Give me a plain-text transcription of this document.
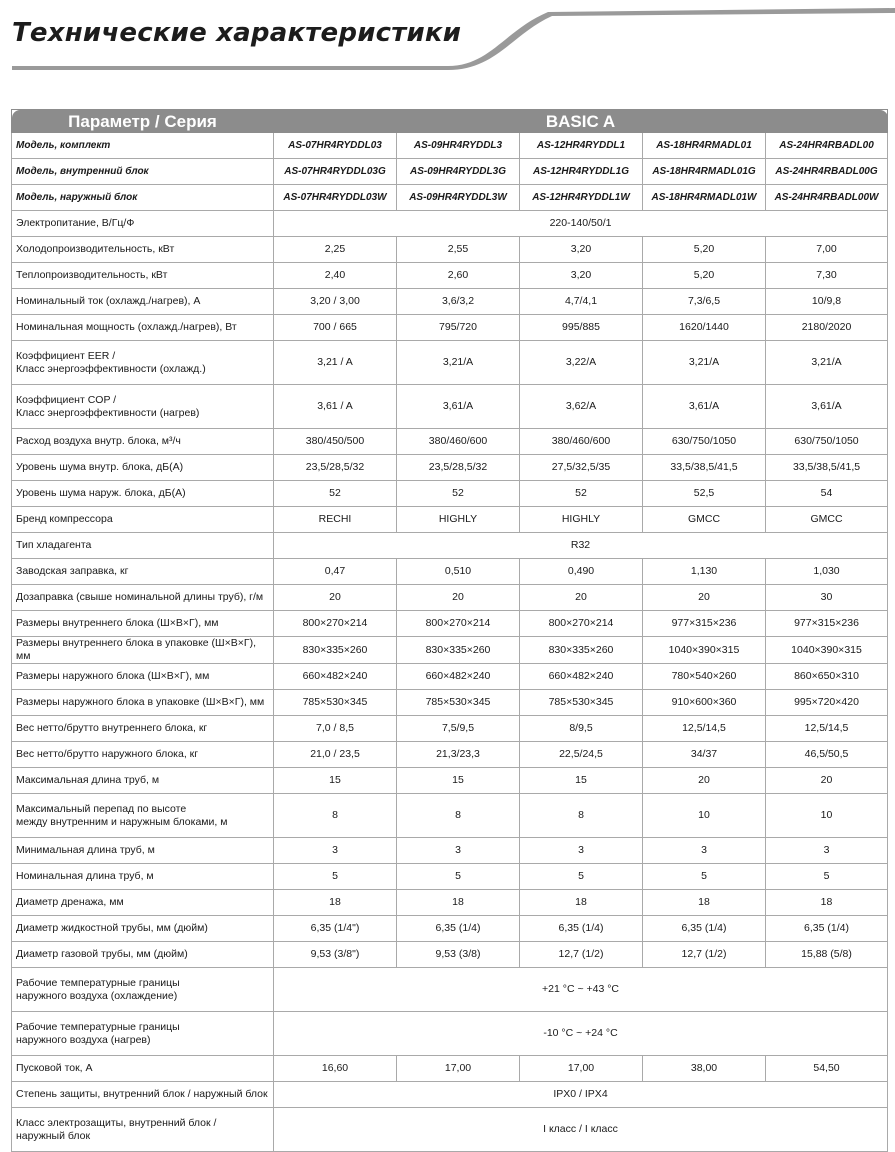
Технические характеристики
Параметр / Серия	BASIC A				
Модель, комплект	AS-07HR4RYDDL03	AS-09HR4RYDDL3	AS-12HR4RYDDL1	AS-18HR4RMADL01	AS-24HR4RBADL00
Модель, внутренний блок	AS-07HR4RYDDL03G	AS-09HR4RYDDL3G	AS-12HR4RYDDL1G	AS-18HR4RMADL01G	AS-24HR4RBADL00G
Модель, наружный блок	AS-07HR4RYDDL03W	AS-09HR4RYDDL3W	AS-12HR4RYDDL1W	AS-18HR4RMADL01W	AS-24HR4RBADL00W
Электропитание, В/Гц/Ф	220-140/50/1				
Холодопроизводительность, кВт	2,25	2,55	3,20	5,20	7,00
Теплопроизводительность, кВт	2,40	2,60	3,20	5,20	7,30
Номинальный ток (охлажд./нагрев), А	3,20 / 3,00	3,6/3,2	4,7/4,1	7,3/6,5	10/9,8
Номинальная мощность (охлажд./нагрев), Вт	700 / 665	795/720	995/885	1620/1440	2180/2020
Коэффициент EER /
Класс энергоэффективности (охлажд.)	3,21 / A	3,21/A	3,22/A	3,21/A	3,21/A
Коэффициент COP /
Класс энергоэффективности (нагрев)	3,61 / A	3,61/A	3,62/A	3,61/A	3,61/A
Расход воздуха внутр. блока, м³/ч	380/450/500	380/460/600	380/460/600	630/750/1050	630/750/1050
Уровень шума внутр. блока, дБ(А)	23,5/28,5/32	23,5/28,5/32	27,5/32,5/35	33,5/38,5/41,5	33,5/38,5/41,5
Уровень шума наруж. блока, дБ(А)	52	52	52	52,5	54
Бренд компрессора	RECHI	HIGHLY	HIGHLY	GMCC	GMCC
Тип хладагента	R32				
Заводская заправка, кг	0,47	0,510	0,490	1,130	1,030
Дозаправка (свыше номинальной длины труб), г/м	20	20	20	20	30
Размеры внутреннего блока (Ш×В×Г), мм	800×270×214	800×270×214	800×270×214	977×315×236	977×315×236
Размеры внутреннего блока в упаковке (Ш×В×Г), мм	830×335×260	830×335×260	830×335×260	1040×390×315	1040×390×315
Размеры наружного блока (Ш×В×Г), мм	660×482×240	660×482×240	660×482×240	780×540×260	860×650×310
Размеры наружного блока в упаковке (Ш×В×Г), мм	785×530×345	785×530×345	785×530×345	910×600×360	995×720×420
Вес нетто/брутто внутреннего блока, кг	7,0 / 8,5	7,5/9,5	8/9,5	12,5/14,5	12,5/14,5
Вес нетто/брутто наружного блока, кг	21,0 / 23,5	21,3/23,3	22,5/24,5	34/37	46,5/50,5
Максимальная длина труб, м	15	15	15	20	20
Максимальный перепад по высоте
между внутренним и наружным блоками, м	8	8	8	10	10
Минимальная длина труб, м	3	3	3	3	3
Номинальная длина труб, м	5	5	5	5	5
Диаметр дренажа, мм	18	18	18	18	18
Диаметр жидкостной трубы, мм (дюйм)	6,35 (1/4")	6,35 (1/4)	6,35 (1/4)	6,35 (1/4)	6,35 (1/4)
Диаметр газовой трубы, мм (дюйм)	9,53 (3/8")	9,53 (3/8)	12,7 (1/2)	12,7 (1/2)	15,88 (5/8)
Рабочие температурные границы
наружного воздуха (охлаждение)	+21 °C ~ +43 °C				
Рабочие температурные границы
наружного воздуха (нагрев)	-10 °C ~ +24 °C				
Пусковой ток, А	16,60	17,00	17,00	38,00	54,50
Степень защиты, внутренний блок / наружный блок	IPX0 / IPX4				
Класс электрозащиты, внутренний блок /
наружный блок	I класс / I класс				
